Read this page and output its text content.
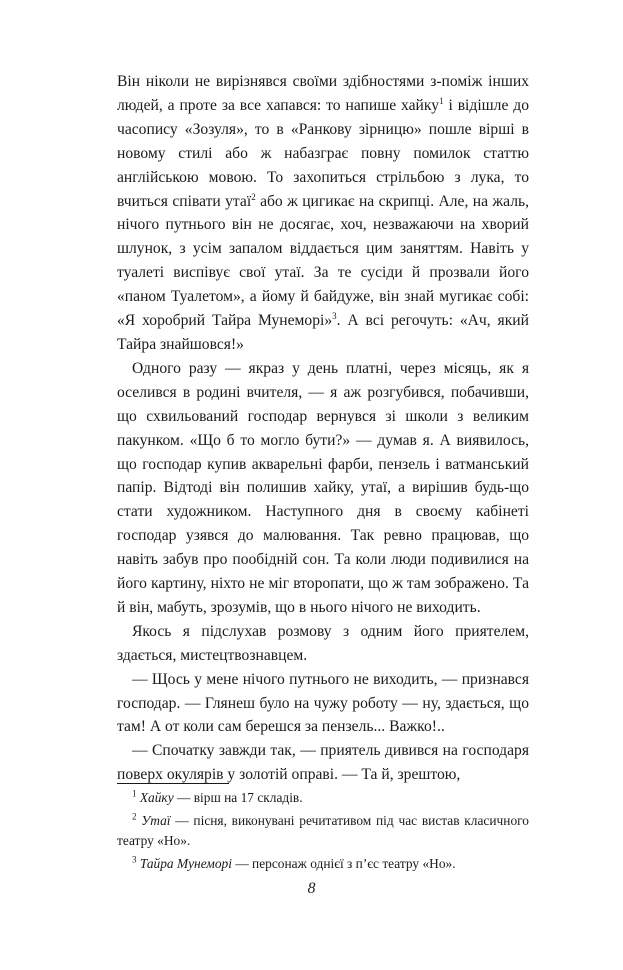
Він ніколи не вирізнявся своїми здібностями з-поміж інших людей, а проте за все хапався: то напише хайку$^1$ і відішле до часопису «Зозуля», то в «Ранкову зірницю» пошле вірші в новому стилі або ж набазграє повну помилок статтю англійською мовою. То захопиться стрільбою з лука, то вчиться співати утаї$^2$ або ж цигикає на скрипці. Але, на жаль, нічого путнього він не досягає, хоч, незважаючи на хворий шлунок, з усім запалом віддається цим заняттям. Навіть у туалеті виспівує свої утаї. За те сусіди й прозвали його «паном Туалетом», а йому й байдуже, він знай мугикає собі: «Я хоробрий Тайра Мунеморі»$^3$. А всі регочуть: «Ач, який Тайра знайшовся!»

Одного разу — якраз у день платні, через місяць, як я оселився в родині вчителя, — я аж розгубився, побачивши, що схвильований господар вернувся зі школи з великим пакунком. «Що б то могло бути?» — думав я. А виявилось, що господар купив акварельні фарби, пензель і ватманський папір. Відтоді він полишив хайку, утаї, а вирішив будь-що стати художником. Наступного дня в своєму кабінеті господар узявся до малювання. Так ревно працював, що навіть забув про пообідній сон. Та коли люди подивилися на його картину, ніхто не міг второпати, що ж там зображено. Та й він, мабуть, зрозумів, що в нього нічого не виходить.

Якось я підслухав розмову з одним його приятелем, здається, мистецтвознавцем.

— Щось у мене нічого путнього не виходить, — признався господар. — Глянеш було на чужу роботу — ну, здається, що там! А от коли сам берешся за пензель... Важко!..

— Спочатку завжди так, — приятель дивився на господаря поверх окулярів у золотій оправі. — Та й, зрештою,

$^1$ Хайку — вірш на 17 складів.

$^2$ Утаї — пісня, виконувані речитативом під час вистав класичного театру «Но».

$^3$ Тайра Мунеморі — персонаж однієї з п’єс театру «Но».

8
